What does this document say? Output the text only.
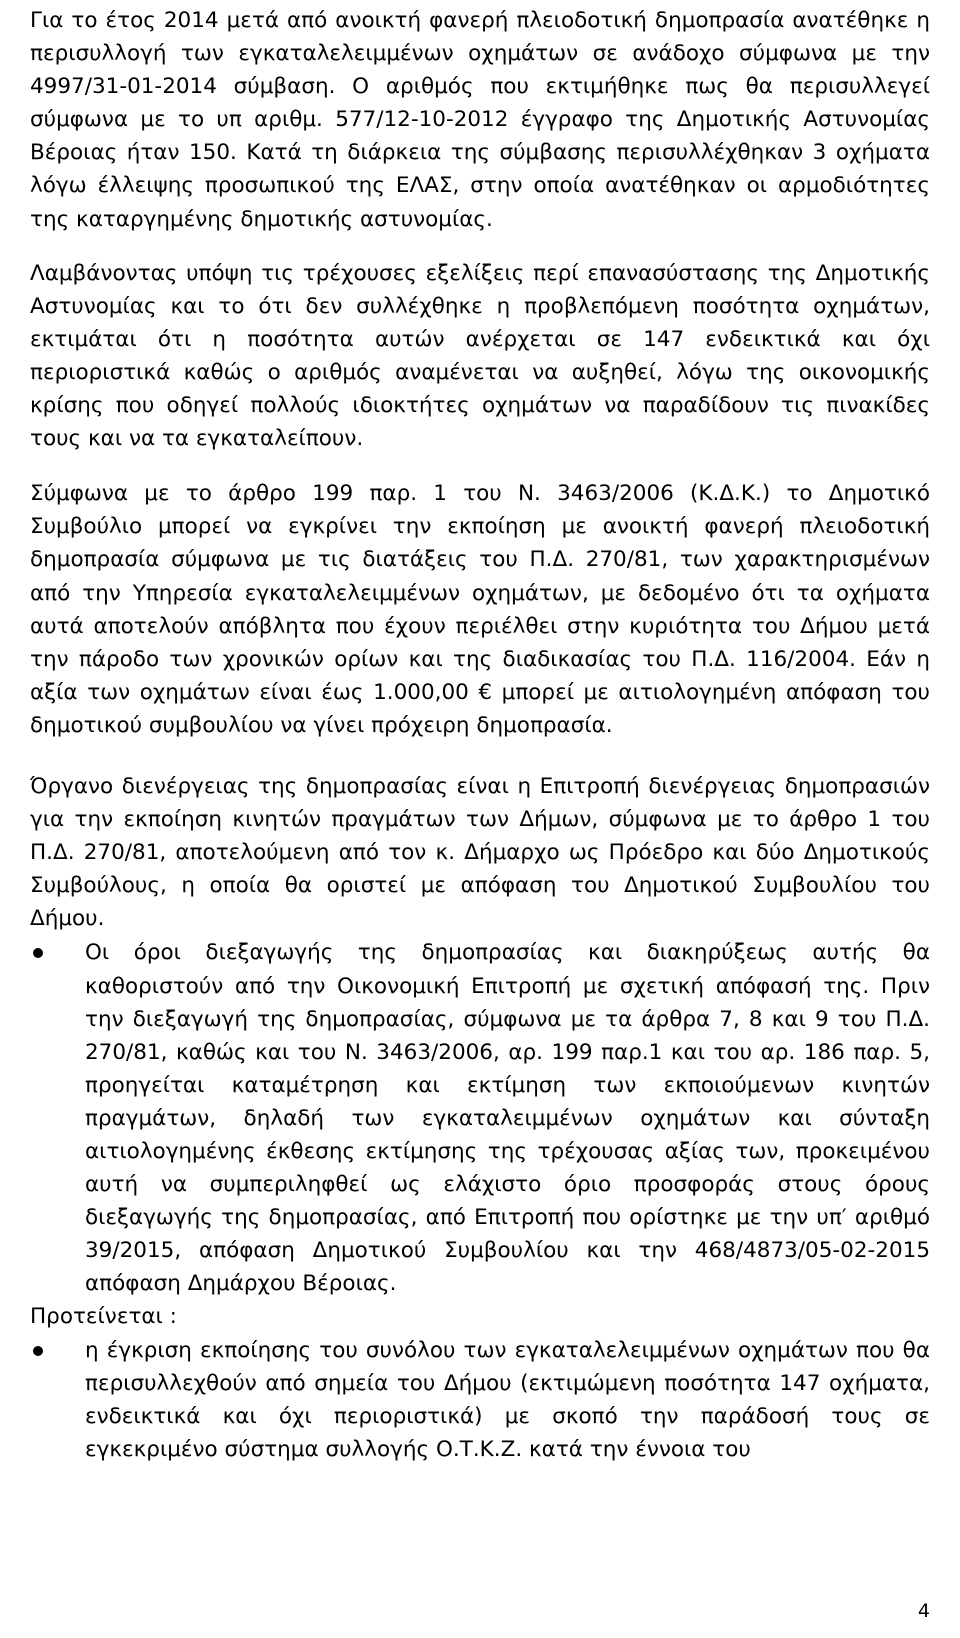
Για το έτος 2014 μετά από ανοικτή φανερή πλειοδοτική δημοπρασία ανατέθηκε η περισυλλογή των εγκαταλελειμμένων οχημάτων σε ανάδοχο σύμφωνα με την 4997/31-01-2014 σύμβαση. Ο αριθμός που εκτιμήθηκε πως θα περισυλλεγεί σύμφωνα με το υπ αριθμ. 577/12-10-2012 έγγραφο της Δημοτικής Αστυνομίας Βέροιας ήταν 150. Κατά τη διάρκεια της σύμβασης περισυλλέχθηκαν 3 οχήματα λόγω έλλειψης προσωπικού της ΕΛΑΣ, στην οποία ανατέθηκαν οι αρμοδιότητες της καταργημένης δημοτικής αστυνομίας.

Λαμβάνοντας υπόψη τις τρέχουσες εξελίξεις περί επανασύστασης της Δημοτικής Αστυνομίας και το ότι δεν συλλέχθηκε η προβλεπόμενη ποσότητα οχημάτων, εκτιμάται ότι η ποσότητα αυτών ανέρχεται σε 147 ενδεικτικά και όχι περιοριστικά καθώς ο αριθμός αναμένεται να αυξηθεί, λόγω της οικονομικής κρίσης που οδηγεί πολλούς ιδιοκτήτες οχημάτων να παραδίδουν τις πινακίδες τους και να τα εγκαταλείπουν.

Σύμφωνα με το άρθρο 199 παρ. 1 του Ν. 3463/2006 (Κ.Δ.Κ.) το Δημοτικό Συμβούλιο μπορεί να εγκρίνει την εκποίηση με ανοικτή φανερή πλειοδοτική δημοπρασία σύμφωνα με τις διατάξεις του Π.Δ. 270/81, των χαρακτηρισμένων από την Υπηρεσία εγκαταλελειμμένων οχημάτων, με δεδομένο ότι τα οχήματα αυτά αποτελούν απόβλητα που έχουν περιέλθει στην κυριότητα του Δήμου μετά την πάροδο των χρονικών ορίων και της διαδικασίας του Π.Δ. 116/2004. Εάν η αξία των οχημάτων είναι έως 1.000,00 € μπορεί με αιτιολογημένη απόφαση του δημοτικού συμβουλίου να γίνει πρόχειρη δημοπρασία.

Όργανο διενέργειας της δημοπρασίας είναι η Επιτροπή διενέργειας δημοπρασιών για την εκποίηση κινητών πραγμάτων των Δήμων, σύμφωνα με το άρθρο 1 του Π.Δ. 270/81, αποτελούμενη από τον κ. Δήμαρχο ως Πρόεδρο και δύο Δημοτικούς Συμβούλους, η οποία θα οριστεί με απόφαση του Δημοτικού Συμβουλίου του Δήμου.

Οι όροι διεξαγωγής της δημοπρασίας και διακηρύξεως αυτής θα καθοριστούν από την Οικονομική Επιτροπή με σχετική απόφασή της. Πριν την διεξαγωγή της δημοπρασίας, σύμφωνα με τα άρθρα 7, 8 και 9 του Π.Δ. 270/81, καθώς και του Ν. 3463/2006, αρ. 199 παρ.1 και του αρ. 186 παρ. 5, προηγείται καταμέτρηση και εκτίμηση των εκποιούμενων κινητών πραγμάτων, δηλαδή των εγκαταλειμμένων οχημάτων και σύνταξη αιτιολογημένης έκθεσης εκτίμησης της τρέχουσας αξίας των, προκειμένου αυτή να συμπεριληφθεί ως ελάχιστο όριο προσφοράς στους όρους διεξαγωγής της δημοπρασίας, από Επιτροπή που ορίστηκε με την υπ′ αριθμό 39/2015, απόφαση Δημοτικού Συμβουλίου και την 468/4873/05-02-2015 απόφαση Δημάρχου Βέροιας.

Προτείνεται :

η έγκριση εκποίησης του συνόλου των εγκαταλελειμμένων οχημάτων που θα περισυλλεχθούν από σημεία του Δήμου (εκτιμώμενη ποσότητα 147 οχήματα, ενδεικτικά και όχι περιοριστικά) με σκοπό την παράδοσή τους σε εγκεκριμένο σύστημα συλλογής Ο.Τ.Κ.Ζ. κατά την έννοια του

4
